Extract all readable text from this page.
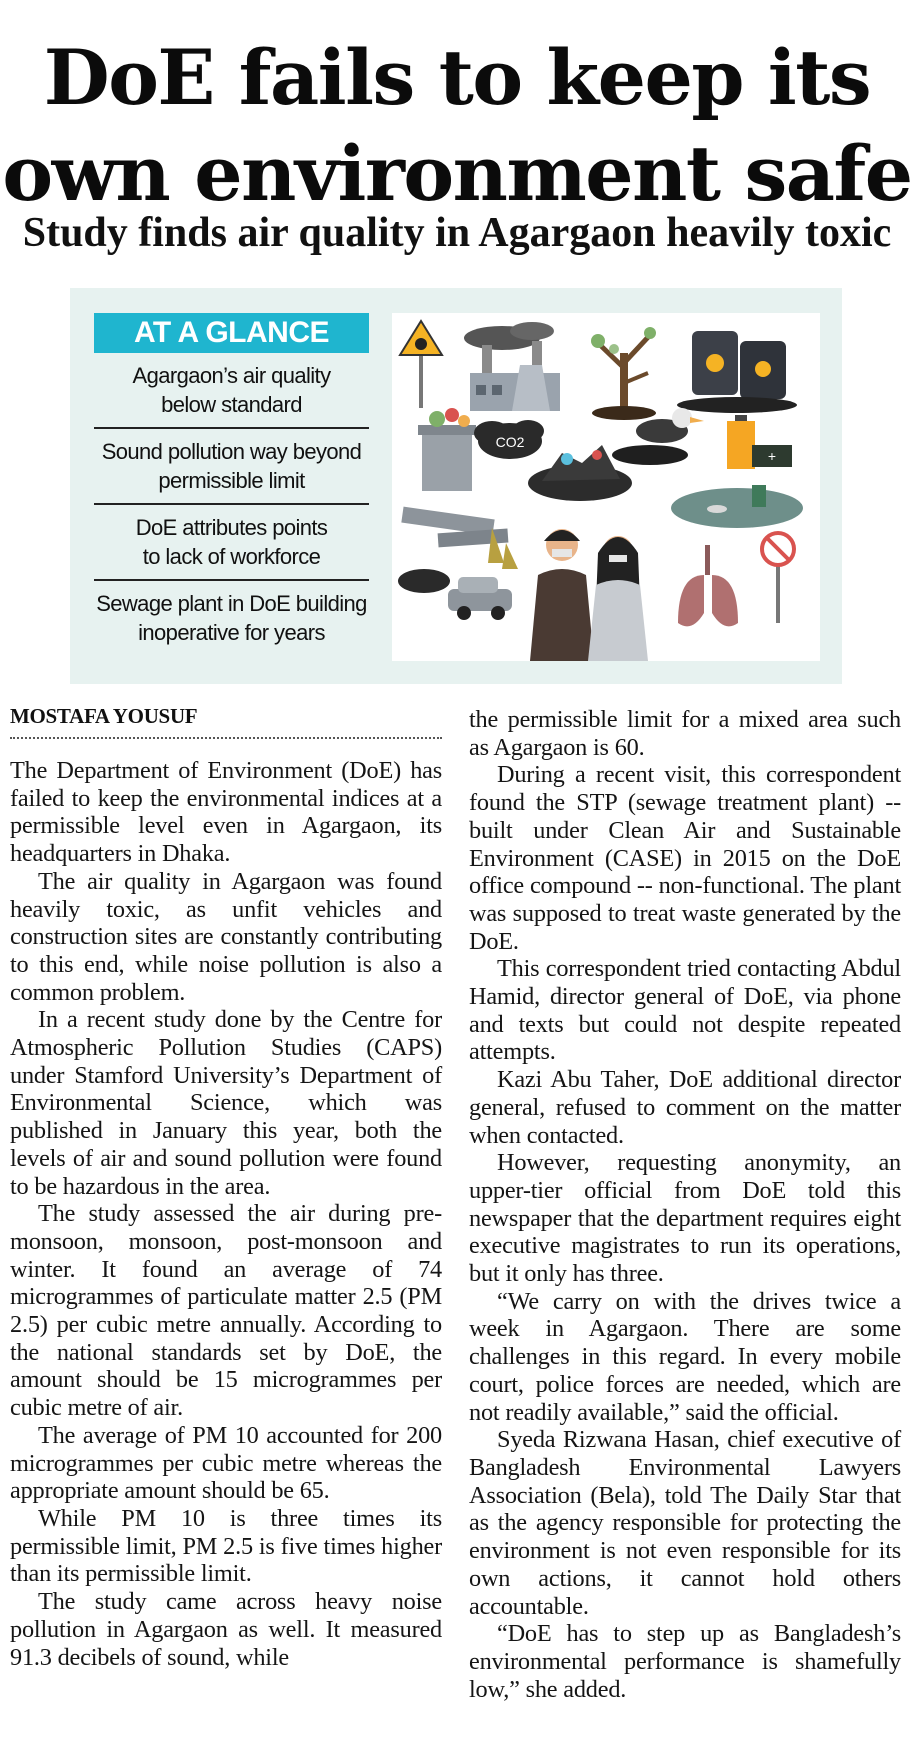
DoE fails to keep its
own environment safe
Study finds air quality in Agargaon heavily toxic
AT A GLANCE
Agargaon’s air quality
below standard
Sound pollution way beyond
permissible limit
DoE attributes points
to lack of workforce
Sewage plant in DoE building
inoperative for years
CO2
+
MOSTAFA YOUSUF

The Department of Environment (DoE) has failed to keep the environmental indices at a permissible level even in Agargaon, its headquarters in Dhaka.

The air quality in Agargaon was found heavily toxic, as unfit vehicles and construction sites are constantly contributing to this end, while noise pollution is also a common problem.

In a recent study done by the Centre for Atmospheric Pollution Studies (CAPS) under Stamford University’s Department of Environmental Science, which was published in January this year, both the levels of air and sound pollution were found to be hazardous in the area.

The study assessed the air during pre-monsoon, monsoon, post-monsoon and winter. It found an average of 74 microgrammes of particulate matter 2.5 (PM 2.5) per cubic metre annually. According to the national standards set by DoE, the amount should be 15 microgrammes per cubic metre of air.

The average of PM 10 accounted for 200 microgrammes per cubic metre whereas the appropriate amount should be 65.

While PM 10 is three times its permissible limit, PM 2.5 is five times higher than its permissible limit.

The study came across heavy noise pollution in Agargaon as well. It measured 91.3 decibels of sound, while

the permissible limit for a mixed area such as Agargaon is 60.

During a recent visit, this correspondent found the STP (sewage treatment plant) -- built under Clean Air and Sustainable Environment (CASE) in 2015 on the DoE office compound -- non-functional. The plant was supposed to treat waste generated by the DoE.

This correspondent tried contacting Abdul Hamid, director general of DoE, via phone and texts but could not despite repeated attempts.

Kazi Abu Taher, DoE additional director general, refused to comment on the matter when contacted.

However, requesting anonymity, an upper-tier official from DoE told this newspaper that the department requires eight executive magistrates to run its operations, but it only has three.

“We carry on with the drives twice a week in Agargaon. There are some challenges in this regard. In every mobile court, police forces are needed, which are not readily available,” said the official.

Syeda Rizwana Hasan, chief executive of Bangladesh Environmental Lawyers Association (Bela), told The Daily Star that as the agency responsible for protecting the environment is not even responsible for its own actions, it cannot hold others accountable.

“DoE has to step up as Bangladesh’s environmental performance is shamefully low,” she added.
